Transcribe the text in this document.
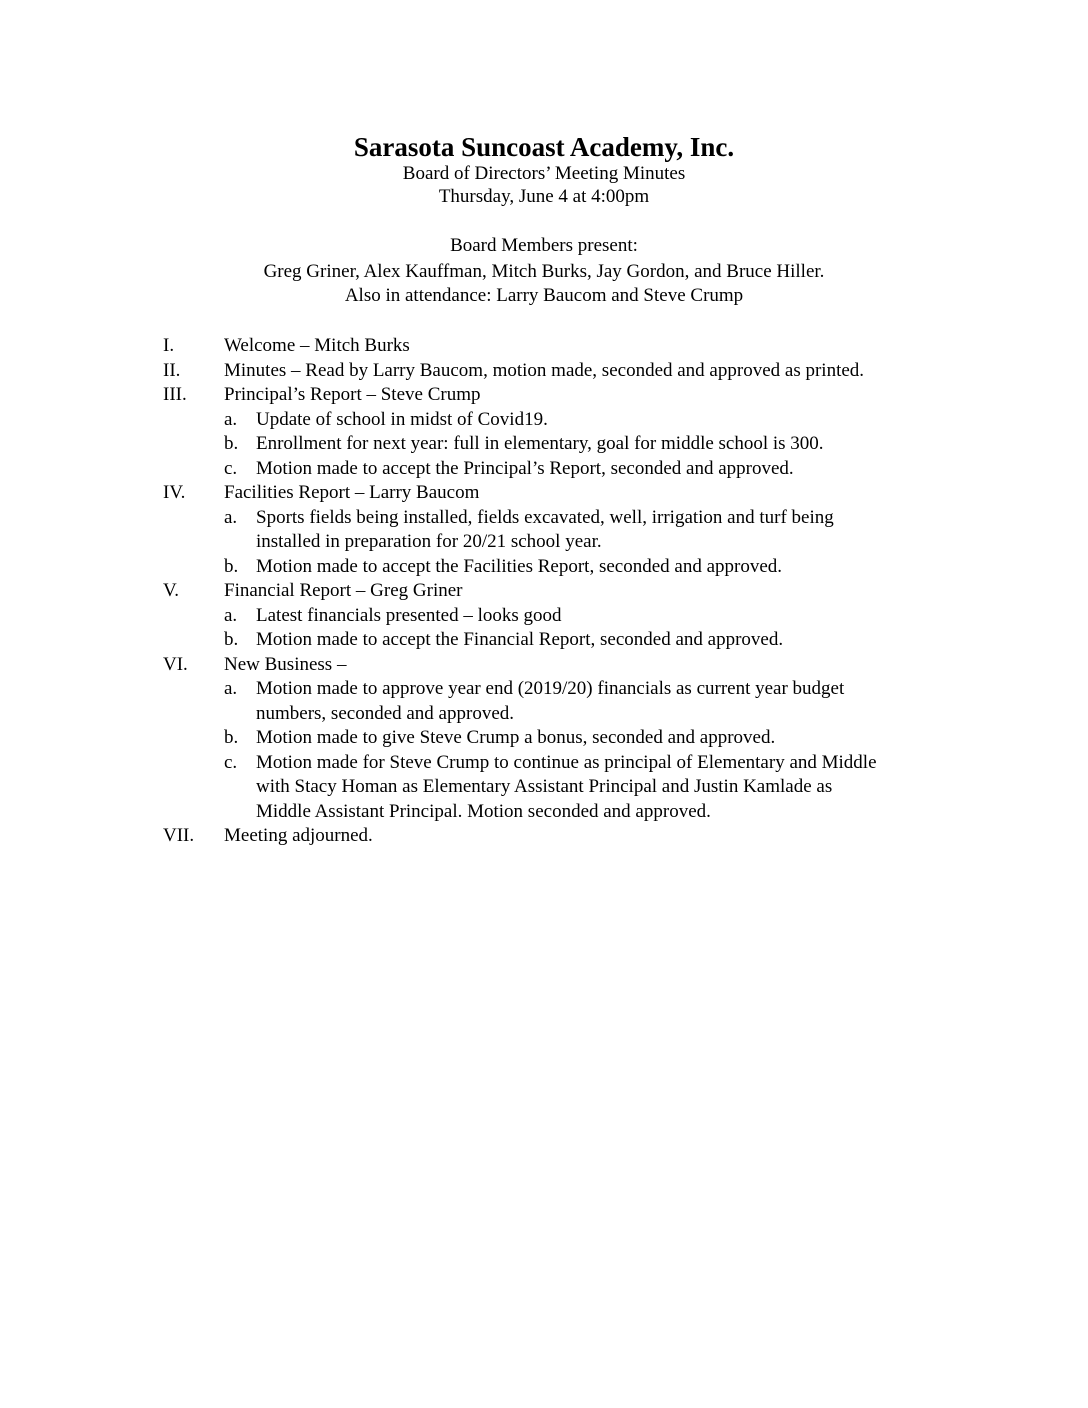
Sarasota Suncoast Academy, Inc.
Board of Directors’ Meeting Minutes
Thursday, June 4 at 4:00pm
Board Members present:
Greg Griner, Alex Kauffman, Mitch Burks, Jay Gordon, and Bruce Hiller.
Also in attendance: Larry Baucom and Steve Crump
I.	Welcome – Mitch Burks
II. Minutes – Read by Larry Baucom, motion made, seconded and approved as printed.
III. Principal’s Report – Steve Crump
a. Update of school in midst of Covid19.
b. Enrollment for next year: full in elementary, goal for middle school is 300.
c. Motion made to accept the Principal’s Report, seconded and approved.
IV. Facilities Report – Larry Baucom
a. Sports fields being installed, fields excavated, well, irrigation and turf being
installed in preparation for 20/21 school year.
b. Motion made to accept the Facilities Report, seconded and approved.
V. Financial Report – Greg Griner
a. Latest financials presented – looks good
b. Motion made to accept the Financial Report, seconded and approved.
VI. New Business –
a. Motion made to approve year end (2019/20) financials as current year budget
numbers, seconded and approved.
b. Motion made to give Steve Crump a bonus, seconded and approved.
c. Motion made for Steve Crump to continue as principal of Elementary and Middle
with Stacy Homan as Elementary Assistant Principal and Justin Kamlade as
Middle Assistant Principal. Motion seconded and approved.
VII. Meeting adjourned.
